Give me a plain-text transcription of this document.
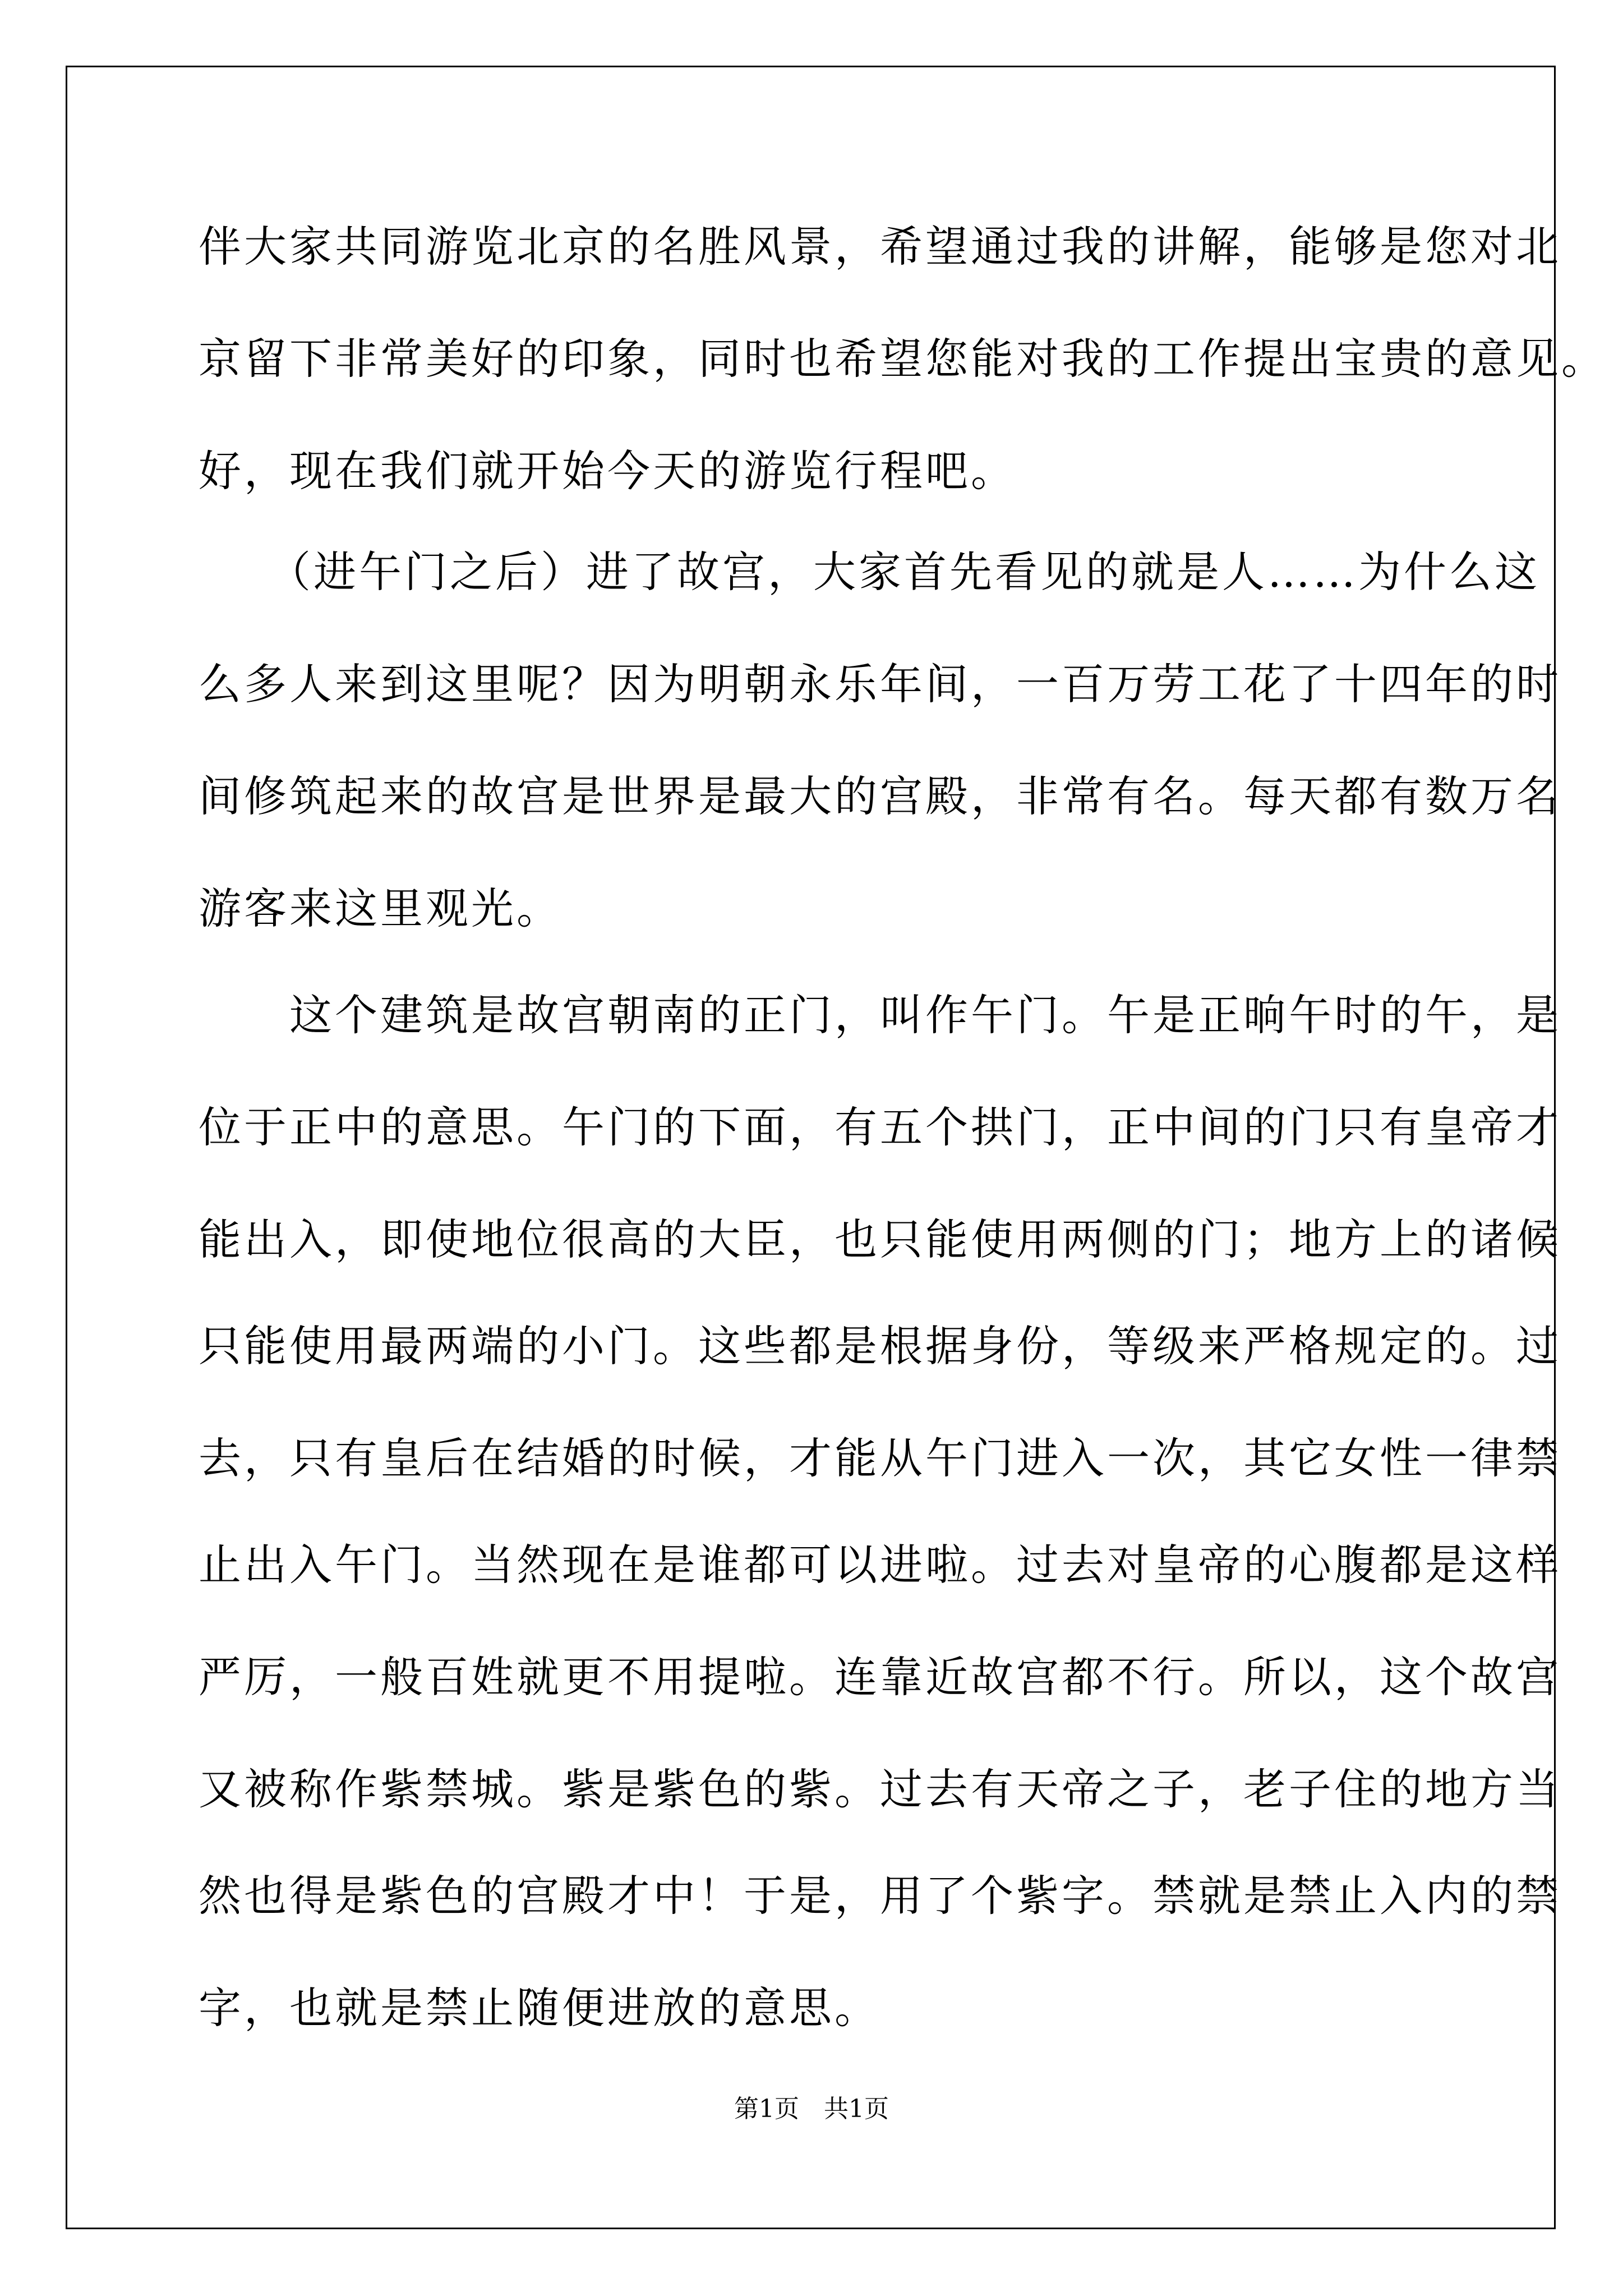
伴大家共同游览北京的名胜风景，希望通过我的讲解，能够是您对北
京留下非常美好的印象，同时也希望您能对我的工作提出宝贵的意见。
好，现在我们就开始今天的游览行程吧。
　　（进午门之后）进了故宫，大家首先看见的就是人……为什么这
么多人来到这里呢？因为明朝永乐年间，一百万劳工花了十四年的时
间修筑起来的故宫是世界是最大的宫殿，非常有名。每天都有数万名
游客来这里观光。
　　这个建筑是故宫朝南的正门，叫作午门。午是正晌午时的午，是
位于正中的意思。午门的下面，有五个拱门，正中间的门只有皇帝才
能出入，即使地位很高的大臣，也只能使用两侧的门；地方上的诸候
只能使用最两端的小门。这些都是根据身份，等级来严格规定的。过
去，只有皇后在结婚的时候，才能从午门进入一次，其它女性一律禁
止出入午门。当然现在是谁都可以进啦。过去对皇帝的心腹都是这样
严厉，一般百姓就更不用提啦。连靠近故宫都不行。所以，这个故宫
又被称作紫禁城。紫是紫色的紫。过去有天帝之子，老子住的地方当
然也得是紫色的宫殿才中！于是，用了个紫字。禁就是禁止入内的禁
字，也就是禁止随便进放的意思。
第1页　共1页
